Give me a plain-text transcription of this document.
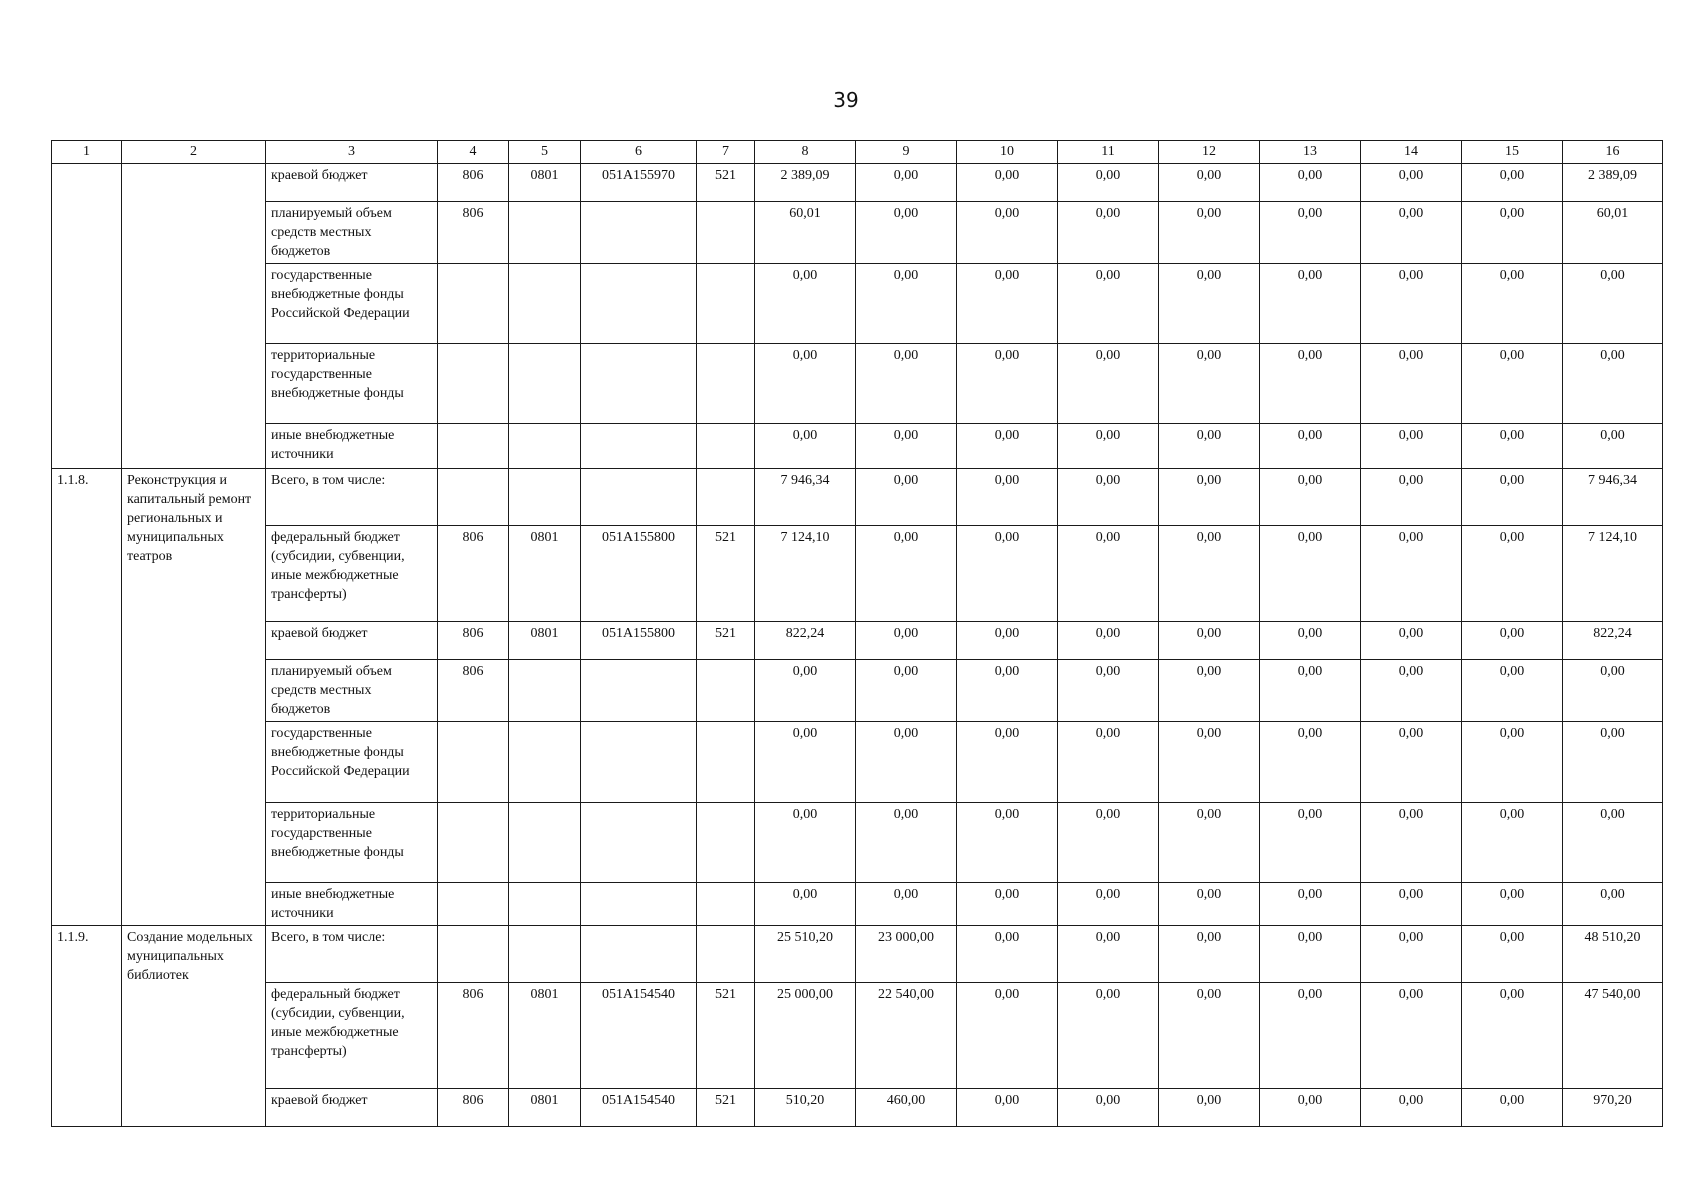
39
1	2	3	4	5	6	7	8	9	10	11	12	13	14	15	16
		краевой бюджет	806	0801	051A155970	521	2 389,09	0,00	0,00	0,00	0,00	0,00	0,00	0,00	2 389,09
		планируемый объем средств местных бюджетов	806				60,01	0,00	0,00	0,00	0,00	0,00	0,00	0,00	60,01
		государственные внебюджетные фонды Российской Федерации					0,00	0,00	0,00	0,00	0,00	0,00	0,00	0,00	0,00
		территориальные государственные внебюджетные фонды					0,00	0,00	0,00	0,00	0,00	0,00	0,00	0,00	0,00
		иные внебюджетные источники					0,00	0,00	0,00	0,00	0,00	0,00	0,00	0,00	0,00
1.1.8.	Реконструкция и капитальный ремонт региональных и муниципальных театров	Всего, в том числе:					7 946,34	0,00	0,00	0,00	0,00	0,00	0,00	0,00	7 946,34
		федеральный бюджет (субсидии, субвенции, иные межбюджетные трансферты)	806	0801	051A155800	521	7 124,10	0,00	0,00	0,00	0,00	0,00	0,00	0,00	7 124,10
		краевой бюджет	806	0801	051A155800	521	822,24	0,00	0,00	0,00	0,00	0,00	0,00	0,00	822,24
		планируемый объем средств местных бюджетов	806				0,00	0,00	0,00	0,00	0,00	0,00	0,00	0,00	0,00
		государственные внебюджетные фонды Российской Федерации					0,00	0,00	0,00	0,00	0,00	0,00	0,00	0,00	0,00
		территориальные государственные внебюджетные фонды					0,00	0,00	0,00	0,00	0,00	0,00	0,00	0,00	0,00
		иные внебюджетные источники					0,00	0,00	0,00	0,00	0,00	0,00	0,00	0,00	0,00
1.1.9.	Создание модельных муниципальных библиотек	Всего, в том числе:					25 510,20	23 000,00	0,00	0,00	0,00	0,00	0,00	0,00	48 510,20
		федеральный бюджет (субсидии, субвенции, иные межбюджетные трансферты)	806	0801	051A154540	521	25 000,00	22 540,00	0,00	0,00	0,00	0,00	0,00	0,00	47 540,00
		краевой бюджет	806	0801	051A154540	521	510,20	460,00	0,00	0,00	0,00	0,00	0,00	0,00	970,20
